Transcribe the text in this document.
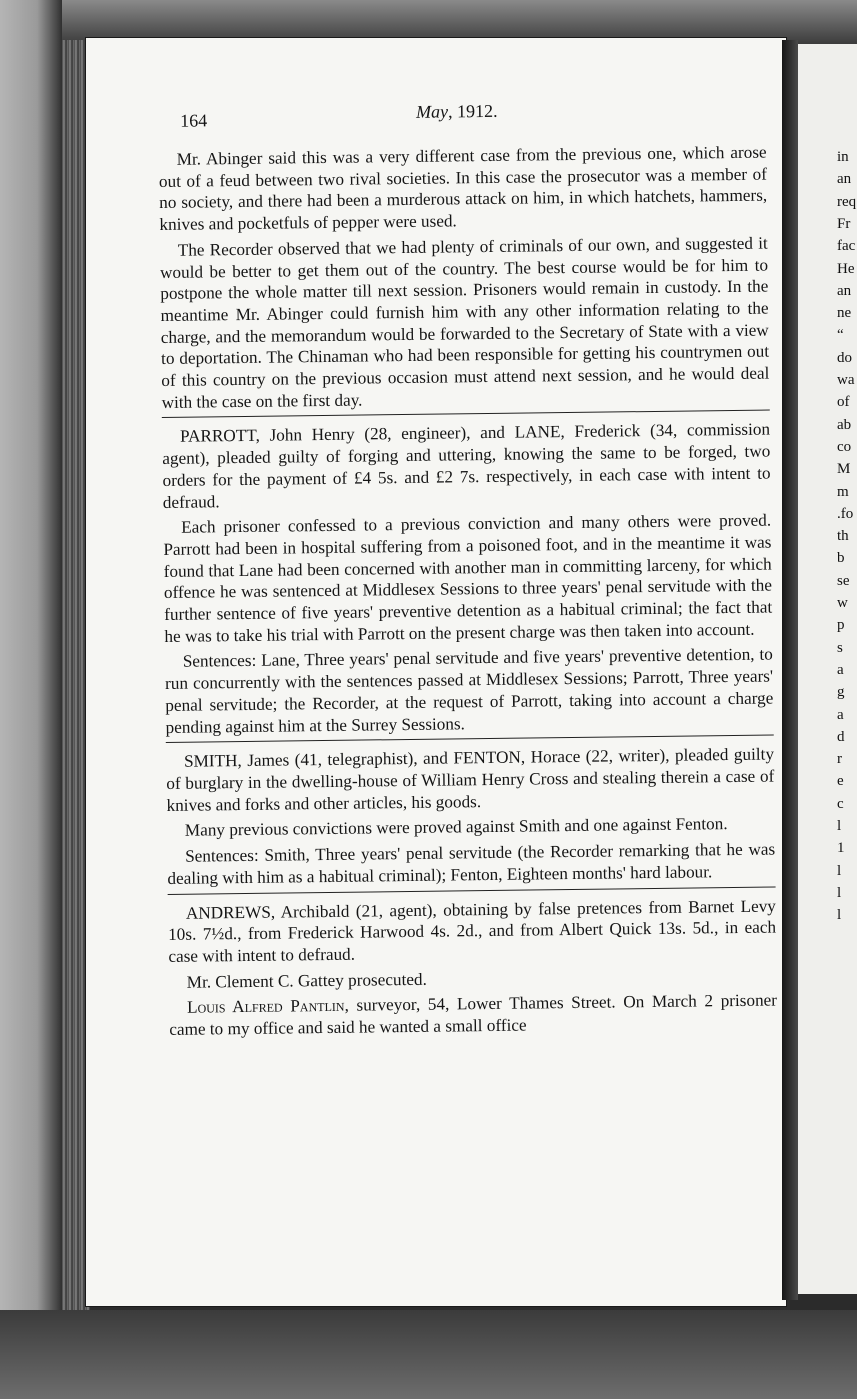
in
an
req
Fr
fac
He
an
ne
“
do
wa
of
ab
co
M
m
.fo
th
b
se
w
p
s
a
g
a
d
r
e
c
l
1
l
l
l
164	May, 1912.

Mr. Abinger said this was a very different case from the previous one, which arose out of a feud between two rival societies. In this case the prosecutor was a member of no society, and there had been a murderous attack on him, in which hatchets, hammers, knives and pocketfuls of pepper were used.

The Recorder observed that we had plenty of criminals of our own, and suggested it would be better to get them out of the country. The best course would be for him to postpone the whole matter till next session. Prisoners would remain in custody. In the meantime Mr. Abinger could furnish him with any other information relating to the charge, and the memorandum would be forwarded to the Secretary of State with a view to deportation. The Chinaman who had been responsible for getting his countrymen out of this country on the previous occasion must attend next session, and he would deal with the case on the first day.

PARROTT, John Henry (28, engineer), and LANE, Frederick (34, commission agent), pleaded guilty of forging and uttering, knowing the same to be forged, two orders for the payment of £4 5s. and £2 7s. respectively, in each case with intent to defraud.

Each prisoner confessed to a previous conviction and many others were proved. Parrott had been in hospital suffering from a poisoned foot, and in the meantime it was found that Lane had been concerned with another man in committing larceny, for which offence he was sentenced at Middlesex Sessions to three years' penal servitude with the further sentence of five years' preventive detention as a habitual criminal; the fact that he was to take his trial with Parrott on the present charge was then taken into account.

Sentences: Lane, Three years' penal servitude and five years' preventive detention, to run concurrently with the sentences passed at Middlesex Sessions; Parrott, Three years' penal servitude; the Recorder, at the request of Parrott, taking into account a charge pending against him at the Surrey Sessions.

SMITH, James (41, telegraphist), and FENTON, Horace (22, writer), pleaded guilty of burglary in the dwelling-house of William Henry Cross and stealing therein a case of knives and forks and other articles, his goods.

Many previous convictions were proved against Smith and one against Fenton.

Sentences: Smith, Three years' penal servitude (the Recorder remarking that he was dealing with him as a habitual criminal); Fenton, Eighteen months' hard labour.

ANDREWS, Archibald (21, agent), obtaining by false pretences from Barnet Levy 10s. 7½d., from Frederick Harwood 4s. 2d., and from Albert Quick 13s. 5d., in each case with intent to defraud.

Mr. Clement C. Gattey prosecuted.

Louis Alfred Pantlin, surveyor, 54, Lower Thames Street. On March 2 prisoner came to my office and said he wanted a small office
